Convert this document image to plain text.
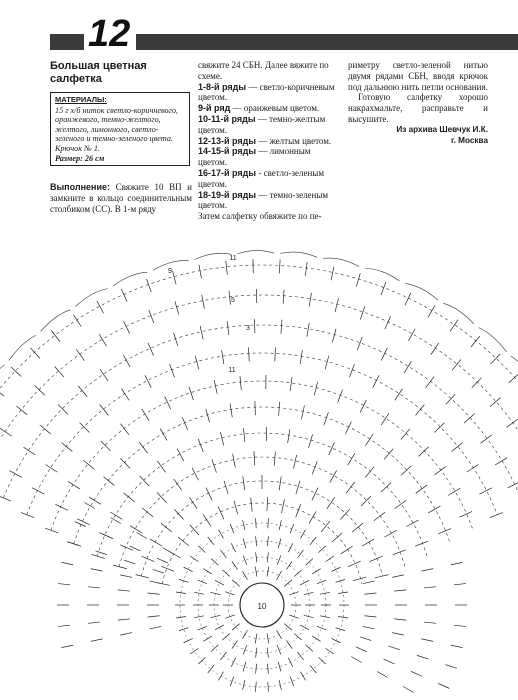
12
Большая цветная
салфетка
МАТЕРИАЛЫ:
15 г х/б ниток светло-коричневого, оранжевого, темно-желтого, желтого, лимонного, светло-зеленого и темно-зеленого цвета. Крючок № 1.
Размер: 26 см
Выполнение: Свяжите 10 ВП и замкните в кольцо соединительным столбиком (СС). В 1-м ряду

свяжите 24 СБН. Далее вяжите по схеме.

1-8-й ряды — светло-коричневым цветом.

9-й ряд — оранжевым цветом.

10-11-й ряды — темно-желтым цветом.

12-13-й ряды — желтым цветом.

14-15-й ряды — лимонным цветом.

16-17-й ряды - светло-зеленым цветом.

18-19-й ряды — темно-зеленым цветом.

Затем салфетку обвяжите по пе-

риметру светло-зеленой нитью двумя рядами СБН, вводя крючок под дальнюю нить петли основания.

Готовую салфетку хорошо накрахмальте, расправьте и высушите.

Из архива Шевчук И.К.
г. Москва
10
11
9
5
3
11
